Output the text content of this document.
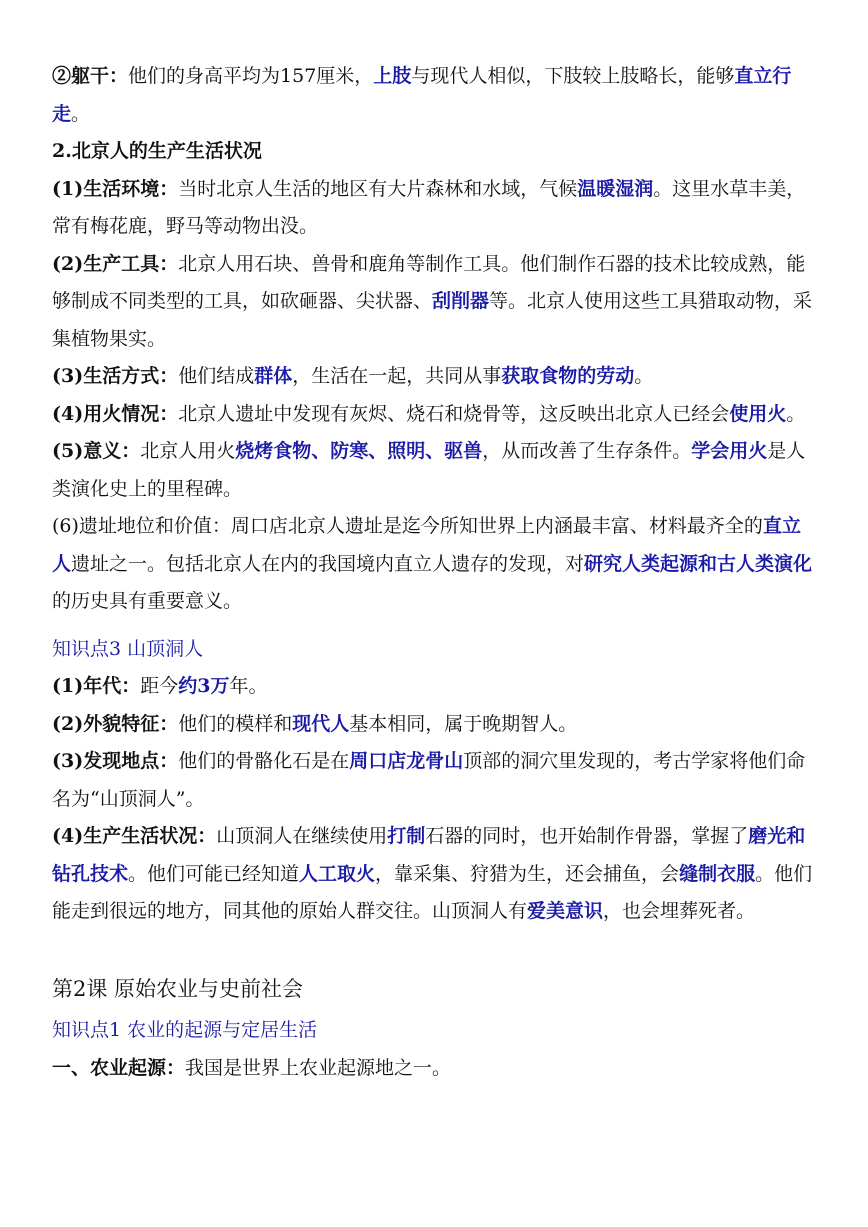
②躯干：他们的身高平均为157厘米，上肢与现代人相似，下肢较上肢略长，能够直立行走。

2.北京人的生产生活状况

(1)生活环境：当时北京人生活的地区有大片森林和水域，气候温暖湿润。这里水草丰美，常有梅花鹿，野马等动物出没。

(2)生产工具：北京人用石块、兽骨和鹿角等制作工具。他们制作石器的技术比较成熟，能够制成不同类型的工具，如砍砸器、尖状器、刮削器等。北京人使用这些工具猎取动物，采集植物果实。

(3)生活方式：他们结成群体，生活在一起，共同从事获取食物的劳动。

(4)用火情况：北京人遗址中发现有灰烬、烧石和烧骨等，这反映出北京人已经会使用火。

(5)意义：北京人用火烧烤食物、防寒、照明、驱兽，从而改善了生存条件。学会用火是人类演化史上的里程碑。

(6)遗址地位和价值：周口店北京人遗址是迄今所知世界上内涵最丰富、材料最齐全的直立人遗址之一。包括北京人在内的我国境内直立人遗存的发现，对研究人类起源和古人类演化的历史具有重要意义。

知识点3 山顶洞人

(1)年代：距今约3万年。

(2)外貌特征：他们的模样和现代人基本相同，属于晚期智人。

(3)发现地点：他们的骨骼化石是在周口店龙骨山顶部的洞穴里发现的，考古学家将他们命名为“山顶洞人”。

(4)生产生活状况：山顶洞人在继续使用打制石器的同时，也开始制作骨器，掌握了磨光和钻孔技术。他们可能已经知道人工取火，靠采集、狩猎为生，还会捕鱼，会缝制衣服。他们能走到很远的地方，同其他的原始人群交往。山顶洞人有爱美意识，也会埋葬死者。

第2课 原始农业与史前社会

知识点1 农业的起源与定居生活

一、农业起源：我国是世界上农业起源地之一。
